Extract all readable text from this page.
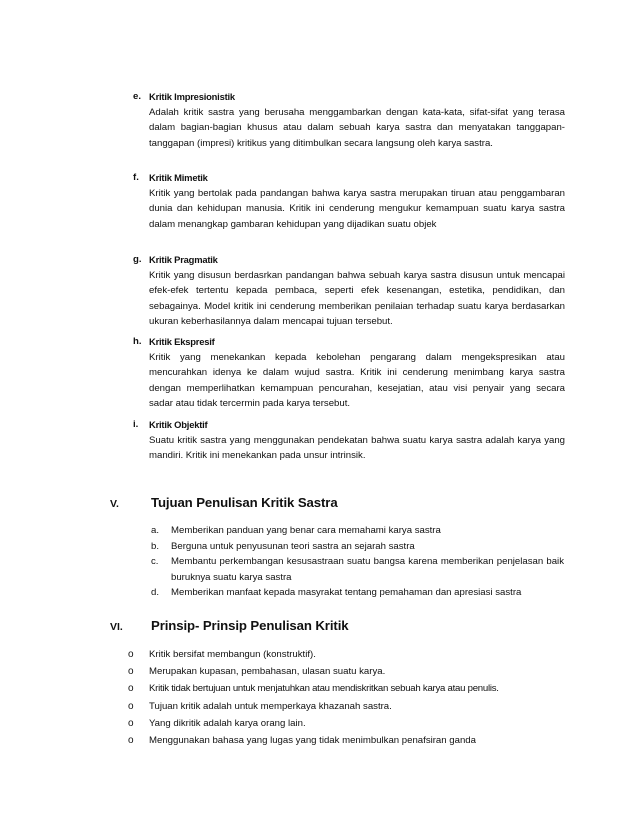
e. Kritik Impresionistik
Adalah kritik sastra yang berusaha menggambarkan dengan kata-kata, sifat-sifat yang terasa dalam bagian-bagian khusus atau dalam sebuah karya sastra dan menyatakan tanggapan-tanggapan (impresi) kritikus yang ditimbulkan secara langsung oleh karya sastra.
f.	Kritik Mimetik
Kritik yang bertolak pada pandangan bahwa karya sastra merupakan tiruan atau penggambaran dunia dan kehidupan manusia. Kritik ini cenderung mengukur kemampuan suatu karya sastra dalam menangkap gambaran kehidupan yang dijadikan suatu objek
g. Kritik Pragmatik
Kritik yang disusun berdasrkan pandangan bahwa sebuah karya sastra disusun untuk mencapai efek-efek tertentu kepada pembaca, seperti efek kesenangan, estetika, pendidikan, dan sebagainya. Model kritik ini cenderung memberikan penilaian terhadap suatu karya berdasarkan ukuran keberhasilannya dalam mencapai tujuan tersebut.
h. Kritik Ekspresif
Kritik yang menekankan kepada kebolehan pengarang dalam mengekspresikan atau mencurahkan idenya ke dalam wujud sastra. Kritik ini cenderung menimbang karya sastra dengan memperlihatkan kemampuan pencurahan, kesejatian, atau visi penyair yang secara sadar atau tidak tercermin pada karya tersebut.
i.	Kritik Objektif
Suatu kritik sastra yang menggunakan pendekatan bahwa suatu karya sastra adalah karya yang mandiri. Kritik ini menekankan pada unsur intrinsik.
V. Tujuan Penulisan Kritik Sastra
a. Memberikan panduan yang benar cara memahami karya sastra
b. Berguna untuk penyusunan teori sastra an sejarah sastra
c. Membantu perkembangan kesusastraan suatu bangsa karena memberikan penjelasan baik buruknya suatu karya sastra
d. Memberikan manfaat kepada masyrakat tentang pemahaman dan apresiasi sastra
VI. Prinsip- Prinsip Penulisan Kritik
o Kritik bersifat membangun (konstruktif).
o Merupakan kupasan, pembahasan, ulasan suatu karya.
o Kritik tidak bertujuan untuk menjatuhkan atau mendiskritkan sebuah karya atau penulis.
o Tujuan kritik adalah untuk memperkaya khazanah sastra.
o Yang dikritik adalah karya orang lain.
o Menggunakan bahasa yang lugas yang tidak menimbulkan penafsiran ganda
